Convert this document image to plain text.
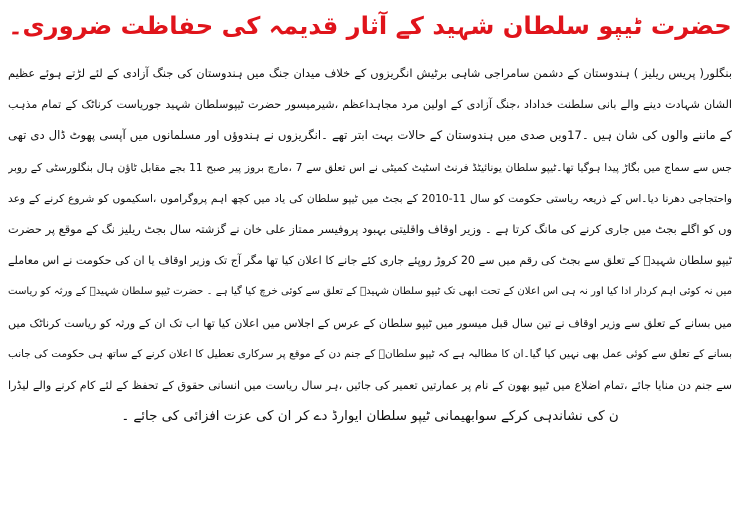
حضرت ٹیپو سلطان شہید کے آثار قدیمہ کی حفاظت ضروری۔
بنگلور( پریس ریلیز ) ہندوستان کے دشمن سامراجی شاہی برٹیش انگریزوں کے خلاف میدان جنگ میں ہندوستان کی جنگ آزادی کے لئے لڑتے ہوئے عظیم
الشان شہادت دینے والے بانی سلطنت خداداد ،جنگ آزادی کے اولین مرد مجاہداعظم ،شیرمیسور حضرت ٹیپوسلطان شہید جوریاست کرناٹک کے تمام مذہب
کے ماننے والوں کی شان ہیں ۔17ویں صدی میں ہندوستان کے حالات بہت ابتر تھے ۔انگریزوں نے ہندوؤں اور مسلمانوں میں آپسی پھوٹ ڈال دی تھی
جس سے سماج میں بگاڑ پیدا ہوگیا تھا۔ٹیپو سلطان یونائیٹڈ فرنٹ اسٹیٹ کمیٹی نے اس تعلق سے 7 ،مارچ بروز پیر صبح 11 بجے مقابل ٹاؤن ہال بنگلورسٹی کے روبر
واحتجاجی دھرنا دیا۔اس کے ذریعہ ریاستی حکومت کو سال 11-2010 کے بجٹ میں ٹیپو سلطان کی یاد میں کچھ اہم پروگراموں ،اسکیموں کو شروع کرنے کے وعد
وں کو اگلے بجٹ میں جاری کرنے کی مانگ کرتا ہے ۔ وزیر اوقاف واقلیتی بہبود پروفیسر ممتاز علی خان نے گزشتہ سال بجٹ ریلیز نگ کے موقع پر حضرت
ٹیپو سلطان شہیدؒ کے تعلق سے بجٹ کی رقم میں سے 20 کروڑ روپئے جاری کئے جانے کا اعلان کیا تھا مگر آج تک وزیر اوقاف یا ان کی حکومت نے اس معاملے
میں نہ کوئی اہم کردار ادا کیا اور نہ ہی اس اعلان کے تحت ابھی تک ٹیپو سلطان شہیدؒ کے تعلق سے کوئی خرچ کیا گیا ہے ۔ حضرت ٹیپو سلطان شہیدؒ کے ورثہ کو ریاست
میں بسانے کے تعلق سے وزیر اوقاف نے تین سال قبل میسور میں ٹیپو سلطان کے عرس کے اجلاس میں اعلان کیا تھا اب تک ان کے ورثہ کو ریاست کرناٹک میں
بسانے کے تعلق سے کوئی عمل بھی نہیں کیا گیا۔ان کا مطالبہ ہے کہ ٹیپو سلطانؒ کے جنم دن کے موقع پر سرکاری تعطیل کا اعلان کرنے کے ساتھ ہی حکومت کی جانب
سے جنم دن منایا جائے ،تمام اضلاع میں ٹیپو بھون کے نام پر عمارتیں تعمیر کی جائیں ،ہر سال ریاست میں انسانی حقوق کے تحفظ کے لئے کام کرنے والے لیڈرا
ن کی نشاندہی کرکے سوابھیمانی ٹیپو سلطان ایوارڈ دے کر ان کی عزت افزائی کی جائے ۔
